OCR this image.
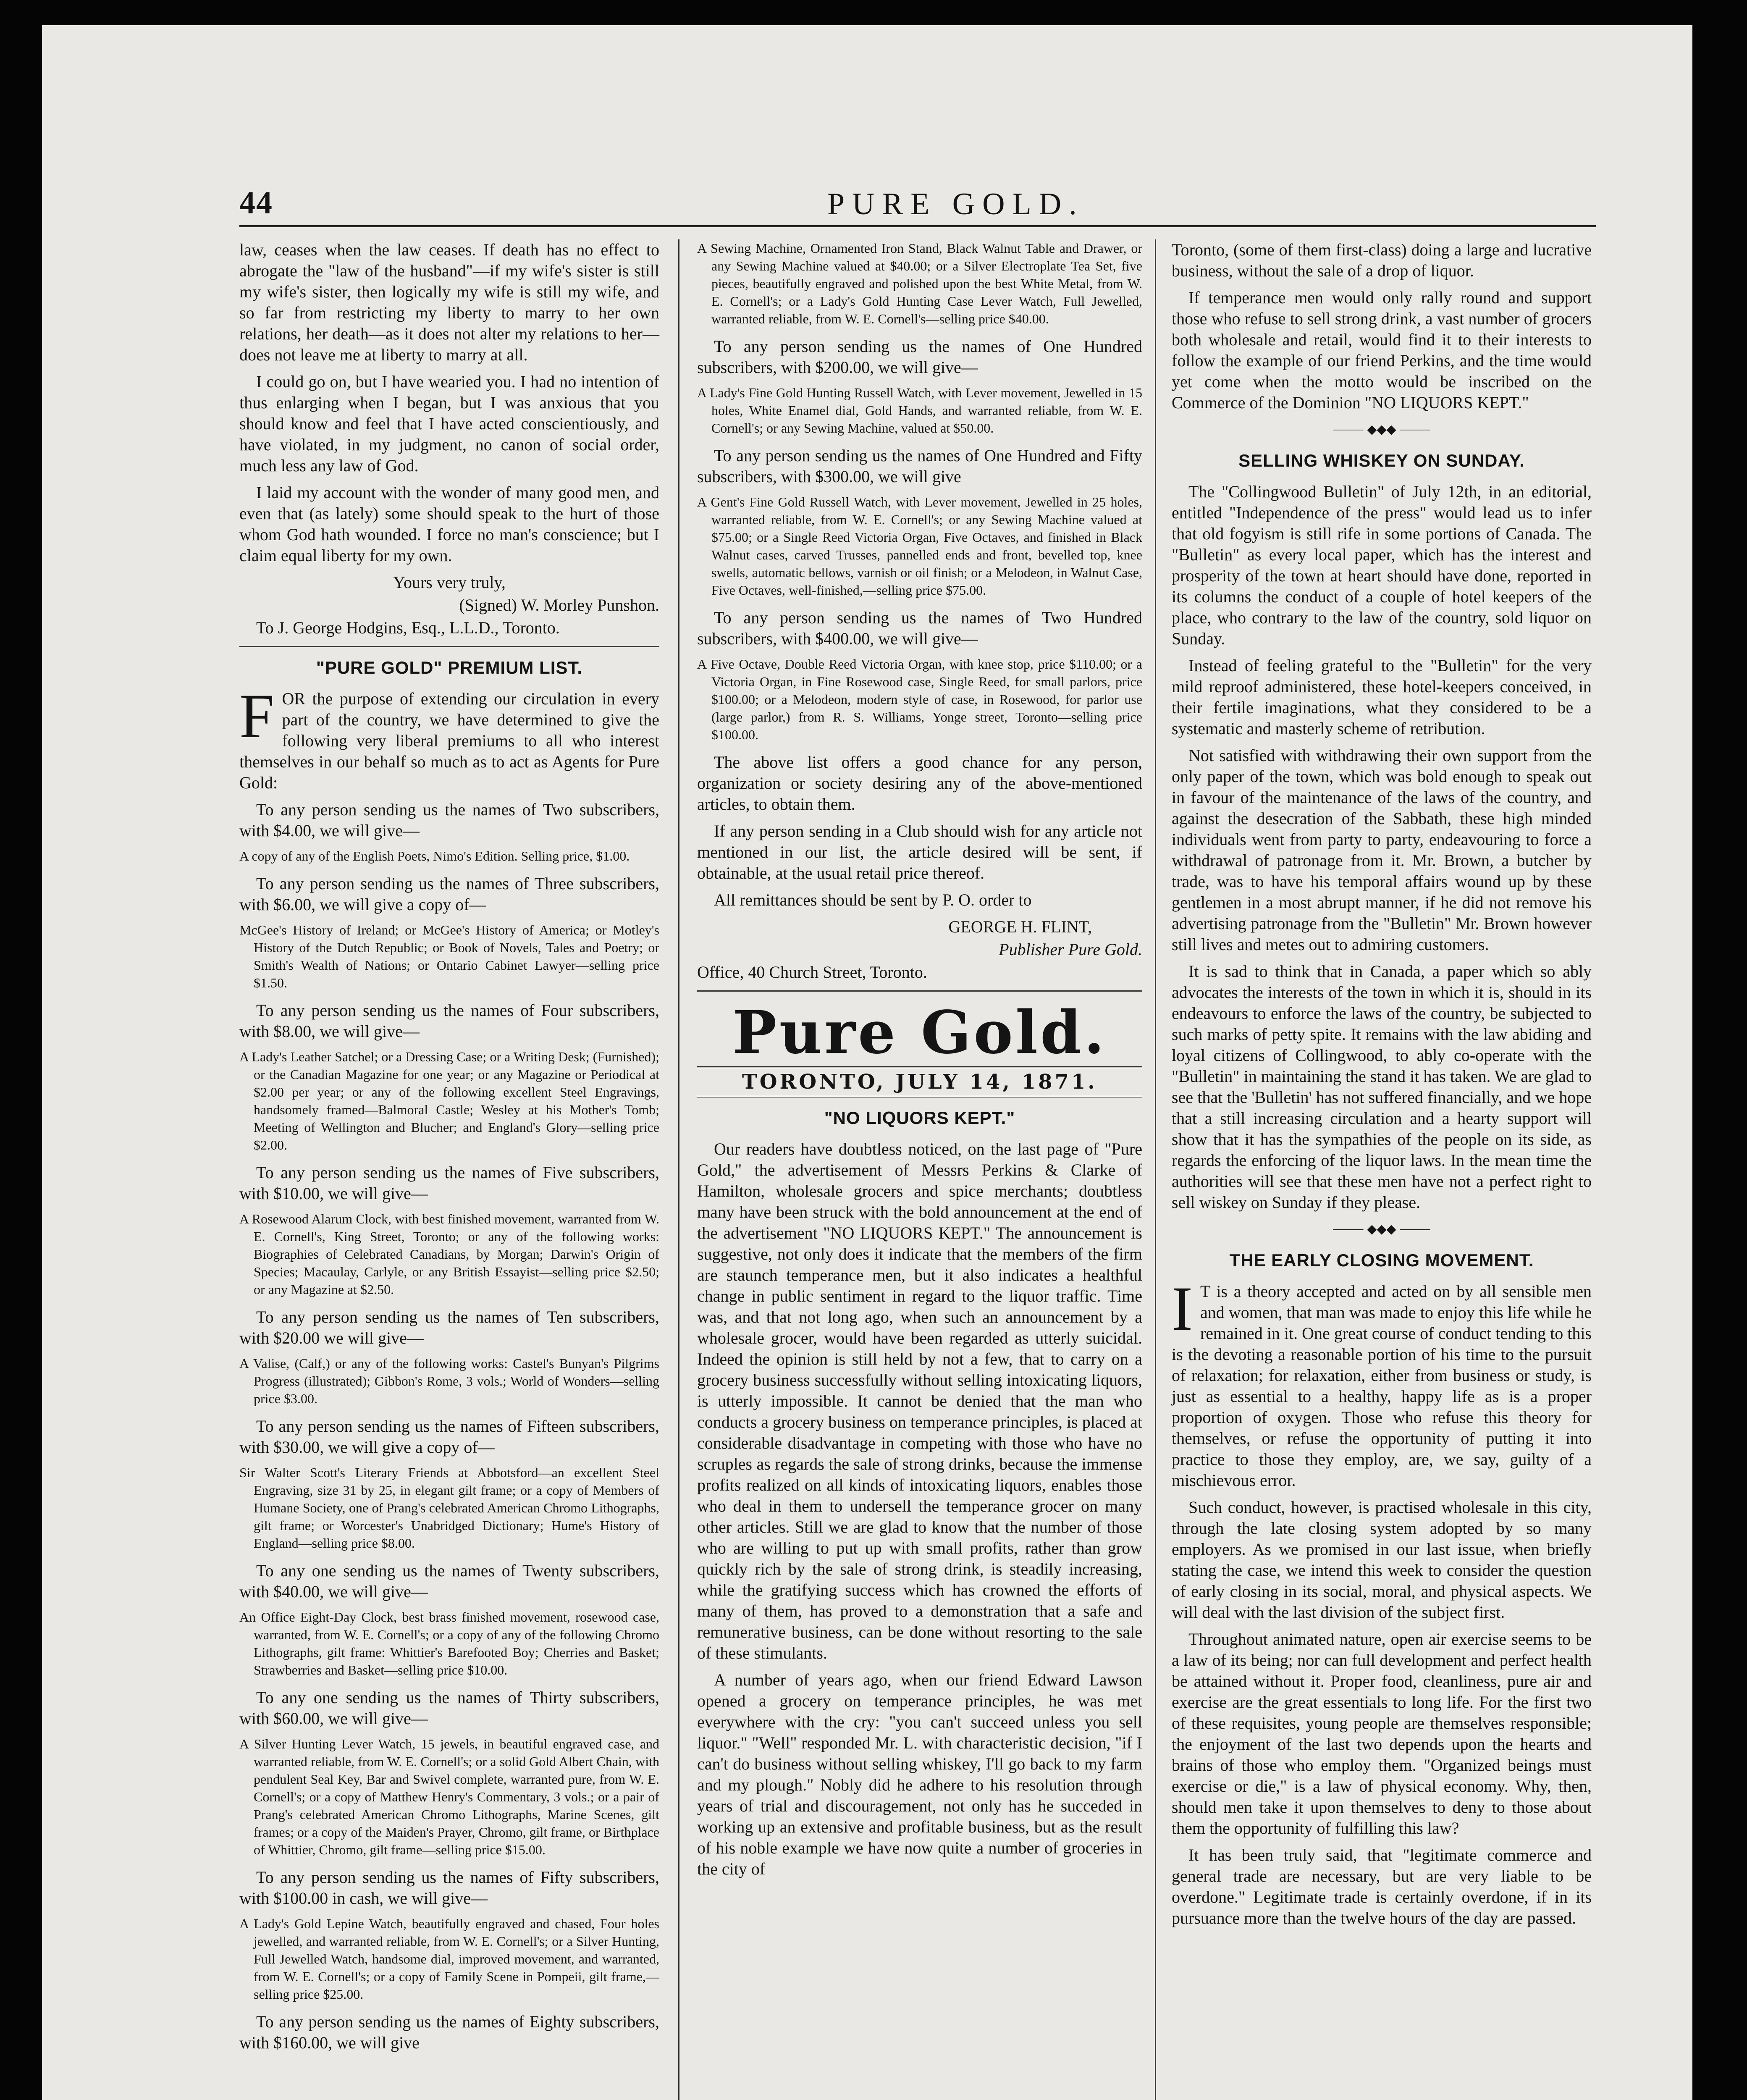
44	PURE GOLD.

law, ceases when the law ceases. If death has no effect to abrogate the "law of the husband"—if my wife's sister is still my wife's sister, then logically my wife is still my wife, and so far from restricting my liberty to marry to her own relations, her death—as it does not alter my relations to her—does not leave me at liberty to marry at all.

I could go on, but I have wearied you. I had no intention of thus enlarging when I began, but I was anxious that you should know and feel that I have acted conscientiously, and have violated, in my judgment, no canon of social order, much less any law of God.

I laid my account with the wonder of many good men, and even that (as lately) some should speak to the hurt of those whom God hath wounded. I force no man's conscience; but I claim equal liberty for my own.

Yours very truly,

(Signed) W. Morley Punshon.

To J. George Hodgins, Esq., L.L.D., Toronto.

"PURE GOLD" PREMIUM LIST.

FOR the purpose of extending our circulation in every part of the country, we have determined to give the following very liberal premiums to all who interest themselves in our behalf so much as to act as Agents for Pure Gold:

To any person sending us the names of Two subscribers, with $4.00, we will give—

A copy of any of the English Poets, Nimo's Edition. Selling price, $1.00.

To any person sending us the names of Three subscribers, with $6.00, we will give a copy of—

McGee's History of Ireland; or McGee's History of America; or Motley's History of the Dutch Republic; or Book of Novels, Tales and Poetry; or Smith's Wealth of Nations; or Ontario Cabinet Lawyer—selling price $1.50.

To any person sending us the names of Four subscribers, with $8.00, we will give—

A Lady's Leather Satchel; or a Dressing Case; or a Writing Desk; (Furnished); or the Canadian Magazine for one year; or any Magazine or Periodical at $2.00 per year; or any of the following excellent Steel Engravings, handsomely framed—Balmoral Castle; Wesley at his Mother's Tomb; Meeting of Wellington and Blucher; and England's Glory—selling price $2.00.

To any person sending us the names of Five subscribers, with $10.00, we will give—

A Rosewood Alarum Clock, with best finished movement, warranted from W. E. Cornell's, King Street, Toronto; or any of the following works: Biographies of Celebrated Canadians, by Morgan; Darwin's Origin of Species; Macaulay, Carlyle, or any British Essayist—selling price $2.50; or any Magazine at $2.50.

To any person sending us the names of Ten subscribers, with $20.00 we will give—

A Valise, (Calf,) or any of the following works: Castel's Bunyan's Pilgrims Progress (illustrated); Gibbon's Rome, 3 vols.; World of Wonders—selling price $3.00.

To any person sending us the names of Fifteen subscribers, with $30.00, we will give a copy of—

Sir Walter Scott's Literary Friends at Abbotsford—an excellent Steel Engraving, size 31 by 25, in elegant gilt frame; or a copy of Members of Humane Society, one of Prang's celebrated American Chromo Lithographs, gilt frame; or Worcester's Unabridged Dictionary; Hume's History of England—selling price $8.00.

To any one sending us the names of Twenty subscribers, with $40.00, we will give—

An Office Eight-Day Clock, best brass finished movement, rosewood case, warranted, from W. E. Cornell's; or a copy of any of the following Chromo Lithographs, gilt frame: Whittier's Barefooted Boy; Cherries and Basket; Strawberries and Basket—selling price $10.00.

To any one sending us the names of Thirty subscribers, with $60.00, we will give—

A Silver Hunting Lever Watch, 15 jewels, in beautiful engraved case, and warranted reliable, from W. E. Cornell's; or a solid Gold Albert Chain, with pendulent Seal Key, Bar and Swivel complete, warranted pure, from W. E. Cornell's; or a copy of Matthew Henry's Commentary, 3 vols.; or a pair of Prang's celebrated American Chromo Lithographs, Marine Scenes, gilt frames; or a copy of the Maiden's Prayer, Chromo, gilt frame, or Birthplace of Whittier, Chromo, gilt frame—selling price $15.00.

To any person sending us the names of Fifty subscribers, with $100.00 in cash, we will give—

A Lady's Gold Lepine Watch, beautifully engraved and chased, Four holes jewelled, and warranted reliable, from W. E. Cornell's; or a Silver Hunting, Full Jewelled Watch, handsome dial, improved movement, and warranted, from W. E. Cornell's; or a copy of Family Scene in Pompeii, gilt frame,—selling price $25.00.

To any person sending us the names of Eighty subscribers, with $160.00, we will give

A Sewing Machine, Ornamented Iron Stand, Black Walnut Table and Drawer, or any Sewing Machine valued at $40.00; or a Silver Electroplate Tea Set, five pieces, beautifully engraved and polished upon the best White Metal, from W. E. Cornell's; or a Lady's Gold Hunting Case Lever Watch, Full Jewelled, warranted reliable, from W. E. Cornell's—selling price $40.00.

To any person sending us the names of One Hundred subscribers, with $200.00, we will give—

A Lady's Fine Gold Hunting Russell Watch, with Lever movement, Jewelled in 15 holes, White Enamel dial, Gold Hands, and warranted reliable, from W. E. Cornell's; or any Sewing Machine, valued at $50.00.

To any person sending us the names of One Hundred and Fifty subscribers, with $300.00, we will give

A Gent's Fine Gold Russell Watch, with Lever movement, Jewelled in 25 holes, warranted reliable, from W. E. Cornell's; or any Sewing Machine valued at $75.00; or a Single Reed Victoria Organ, Five Octaves, and finished in Black Walnut cases, carved Trusses, pannelled ends and front, bevelled top, knee swells, automatic bellows, varnish or oil finish; or a Melodeon, in Walnut Case, Five Octaves, well-finished,—selling price $75.00.

To any person sending us the names of Two Hundred subscribers, with $400.00, we will give—

A Five Octave, Double Reed Victoria Organ, with knee stop, price $110.00; or a Victoria Organ, in Fine Rosewood case, Single Reed, for small parlors, price $100.00; or a Melodeon, modern style of case, in Rosewood, for parlor use (large parlor,) from R. S. Williams, Yonge street, Toronto—selling price $100.00.

The above list offers a good chance for any person, organization or society desiring any of the above-mentioned articles, to obtain them.

If any person sending in a Club should wish for any article not mentioned in our list, the article desired will be sent, if obtainable, at the usual retail price thereof.

All remittances should be sent by P. O. order to

GEORGE H. FLINT,

Publisher Pure Gold.

Office, 40 Church Street, Toronto.

Pure Gold.
TORONTO, JULY 14, 1871.
"NO LIQUORS KEPT."

Our readers have doubtless noticed, on the last page of "Pure Gold," the advertisement of Messrs Perkins & Clarke of Hamilton, wholesale grocers and spice merchants; doubtless many have been struck with the bold announcement at the end of the advertisement "NO LIQUORS KEPT." The announcement is suggestive, not only does it indicate that the members of the firm are staunch temperance men, but it also indicates a healthful change in public sentiment in regard to the liquor traffic. Time was, and that not long ago, when such an announcement by a wholesale grocer, would have been regarded as utterly suicidal. Indeed the opinion is still held by not a few, that to carry on a grocery business successfully without selling intoxicating liquors, is utterly impossible. It cannot be denied that the man who conducts a grocery business on temperance principles, is placed at considerable disadvantage in competing with those who have no scruples as regards the sale of strong drinks, because the immense profits realized on all kinds of intoxicating liquors, enables those who deal in them to undersell the temperance grocer on many other articles. Still we are glad to know that the number of those who are willing to put up with small profits, rather than grow quickly rich by the sale of strong drink, is steadily increasing, while the gratifying success which has crowned the efforts of many of them, has proved to a demonstration that a safe and remunerative business, can be done without resorting to the sale of these stimulants.

A number of years ago, when our friend Edward Lawson opened a grocery on temperance principles, he was met everywhere with the cry: "you can't succeed unless you sell liquor." "Well" responded Mr. L. with characteristic decision, "if I can't do business without selling whiskey, I'll go back to my farm and my plough." Nobly did he adhere to his resolution through years of trial and discouragement, not only has he succeded in working up an extensive and profitable business, but as the result of his noble example we have now quite a number of groceries in the city of

Toronto, (some of them first-class) doing a large and lucrative business, without the sale of a drop of liquor.

If temperance men would only rally round and support those who refuse to sell strong drink, a vast number of grocers both wholesale and retail, would find it to their interests to follow the example of our friend Perkins, and the time would yet come when the motto would be inscribed on the Commerce of the Dominion "NO LIQUORS KEPT."

⸻ ◆◆◆ ⸻
SELLING WHISKEY ON SUNDAY.

The "Collingwood Bulletin" of July 12th, in an editorial, entitled "Independence of the press" would lead us to infer that old fogyism is still rife in some portions of Canada. The "Bulletin" as every local paper, which has the interest and prosperity of the town at heart should have done, reported in its columns the conduct of a couple of hotel keepers of the place, who contrary to the law of the country, sold liquor on Sunday.

Instead of feeling grateful to the "Bulletin" for the very mild reproof administered, these hotel-keepers conceived, in their fertile imaginations, what they considered to be a systematic and masterly scheme of retribution.

Not satisfied with withdrawing their own support from the only paper of the town, which was bold enough to speak out in favour of the maintenance of the laws of the country, and against the desecration of the Sabbath, these high minded individuals went from party to party, endeavouring to force a withdrawal of patronage from it. Mr. Brown, a butcher by trade, was to have his temporal affairs wound up by these gentlemen in a most abrupt manner, if he did not remove his advertising patronage from the "Bulletin" Mr. Brown however still lives and metes out to admiring customers.

It is sad to think that in Canada, a paper which so ably advocates the interests of the town in which it is, should in its endeavours to enforce the laws of the country, be subjected to such marks of petty spite. It remains with the law abiding and loyal citizens of Collingwood, to ably co-operate with the "Bulletin" in maintaining the stand it has taken. We are glad to see that the 'Bulletin' has not suffered financially, and we hope that a still increasing circulation and a hearty support will show that it has the sympathies of the people on its side, as regards the enforcing of the liquor laws. In the mean time the authorities will see that these men have not a perfect right to sell wiskey on Sunday if they please.

⸻ ◆◆◆ ⸻
THE EARLY CLOSING MOVEMENT.

I T is a theory accepted and acted on by all sensible men and women, that man was made to enjoy this life while he remained in it. One great course of conduct tending to this is the devoting a reasonable portion of his time to the pursuit of relaxation; for relaxation, either from business or study, is just as essential to a healthy, happy life as is a proper proportion of oxygen. Those who refuse this theory for themselves, or refuse the opportunity of putting it into practice to those they employ, are, we say, guilty of a mischievous error.

Such conduct, however, is practised wholesale in this city, through the late closing system adopted by so many employers. As we promised in our last issue, when briefly stating the case, we intend this week to consider the question of early closing in its social, moral, and physical aspects. We will deal with the last division of the subject first.

Throughout animated nature, open air exercise seems to be a law of its being; nor can full development and perfect health be attained without it. Proper food, cleanliness, pure air and exercise are the great essentials to long life. For the first two of these requisites, young people are themselves responsible; the enjoyment of the last two depends upon the hearts and brains of those who employ them. "Organized beings must exercise or die," is a law of physical economy. Why, then, should men take it upon themselves to deny to those about them the opportunity of fulfilling this law?

It has been truly said, that "legitimate commerce and general trade are necessary, but are very liable to be overdone." Legitimate trade is certainly overdone, if in its pursuance more than the twelve hours of the day are passed.
